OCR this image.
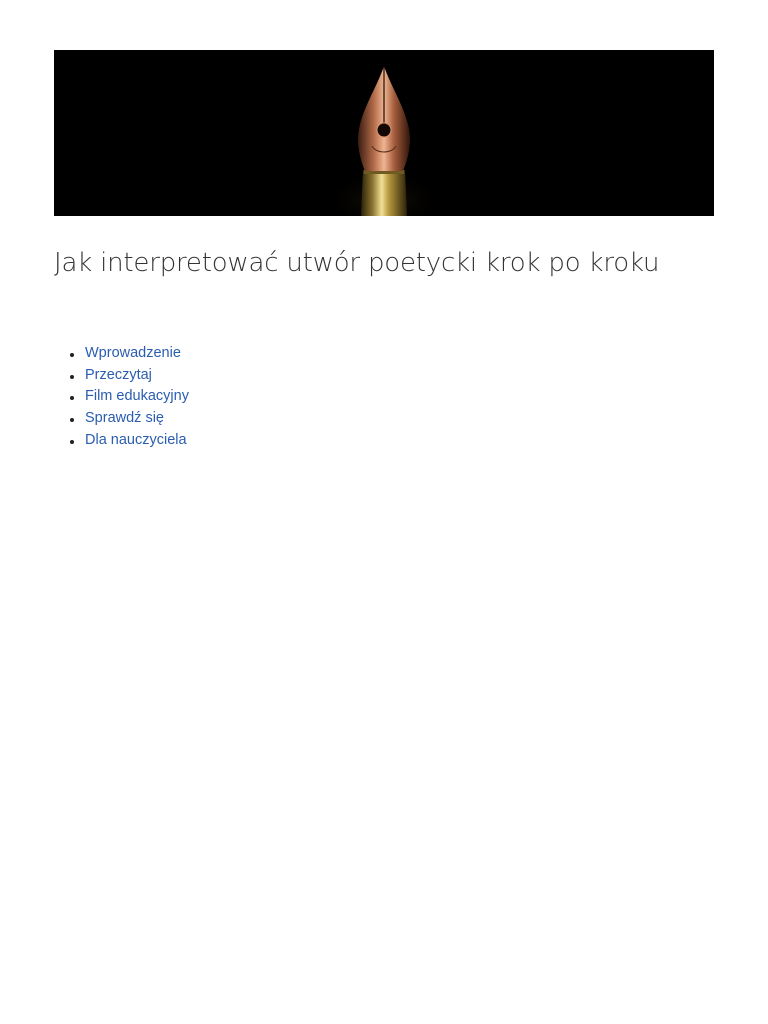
Jak interpretować utwór poetycki krok po kroku
Wprowadzenie
Przeczytaj
Film edukacyjny
Sprawdź się
Dla nauczyciela
